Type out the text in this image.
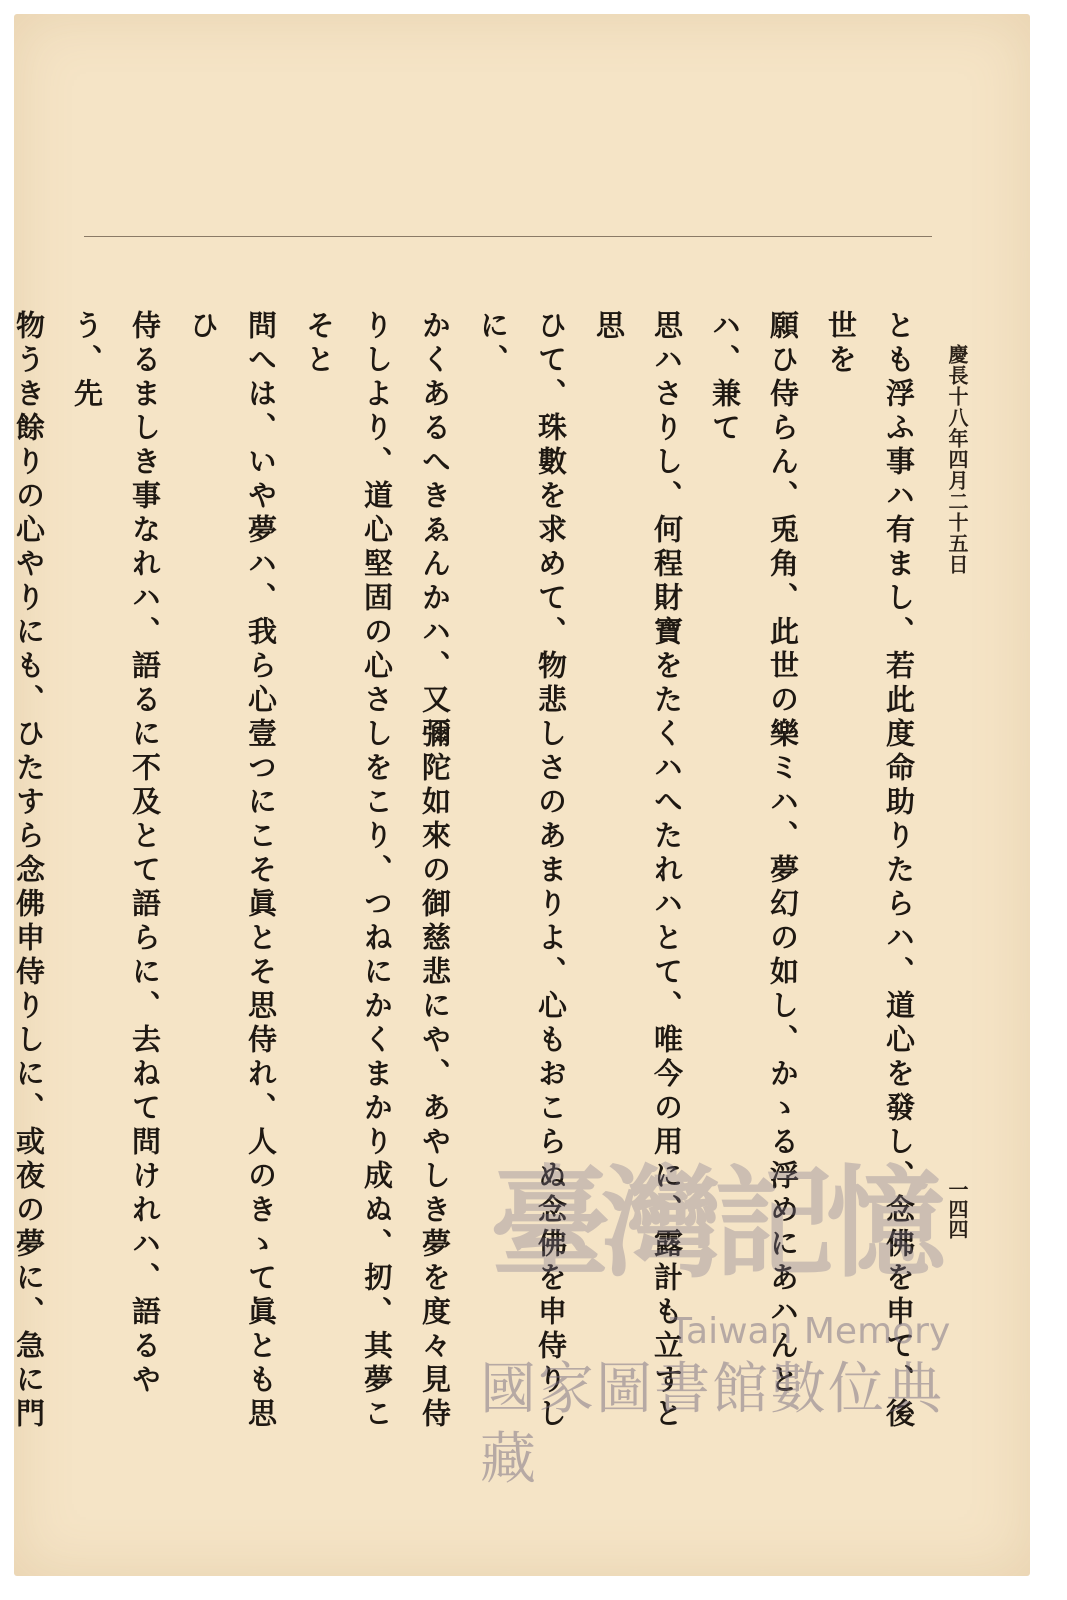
慶長十八年四月二十五日
一四四

とも浮ふ事ハ有まし、若此度命助りたらハ、道心を發し、念佛を申て、後世を

願ひ侍らん、兎角、此世の樂ミハ、夢幻の如し、かゝる浮めにあハんとハ、兼て

思ハさりし、何程財寶をたくハへたれハとて、唯今の用に、露計も立すと思

ひて、珠數を求めて、物悲しさのあまりよ、心もおこらぬ念佛を申侍りしに、

かくあるへきゑんかハ、又彌陀如來の御慈悲にや、あやしき夢を度々見侍

りしより、道心堅固の心さしをこり、つねにかくまかり成ぬ、扨、其夢こそと

問へは、いや夢ハ、我ら心壹つにこそ眞とそ思侍れ、人のきゝて眞とも思ひ

侍るましき事なれハ、語るに不及とて語らに、去ねて問けれハ、語るやう、先

物うき餘りの心やりにも、ひたすら念佛申侍りしに、或夜の夢に、急に門

臺灣記憶
Taiwan Memory
國家圖書館數位典藏
